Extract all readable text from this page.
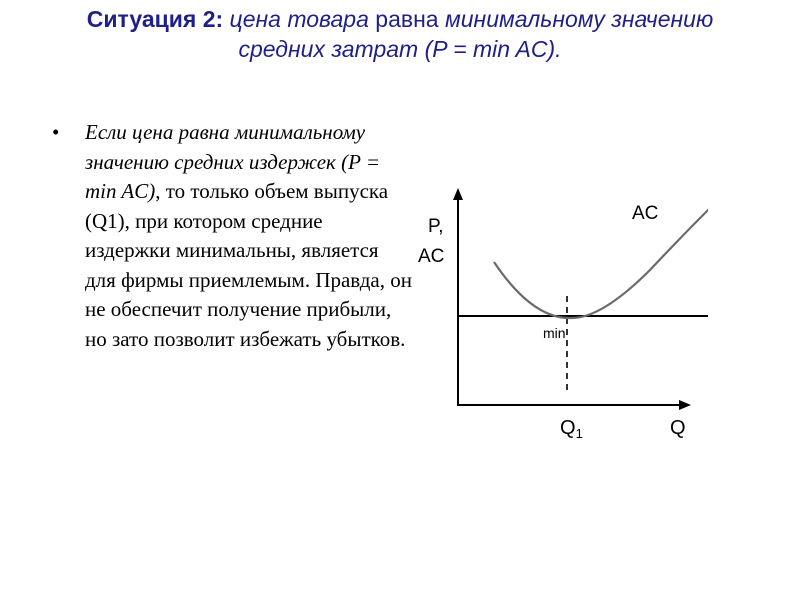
Ситуация 2: цена товара равна минимальному значению средних затрат (P = min AC).
• Если цена равна минимальному значению средних издержек (P = min AC), то только объем выпуска (Q1), при котором средние издержки минимальны, является для фирмы приемлемым. Правда, он не обеспечит получение прибыли, но зато позволит избежать убытков.
P,
AC
AC
min
$Q_1$	Q
